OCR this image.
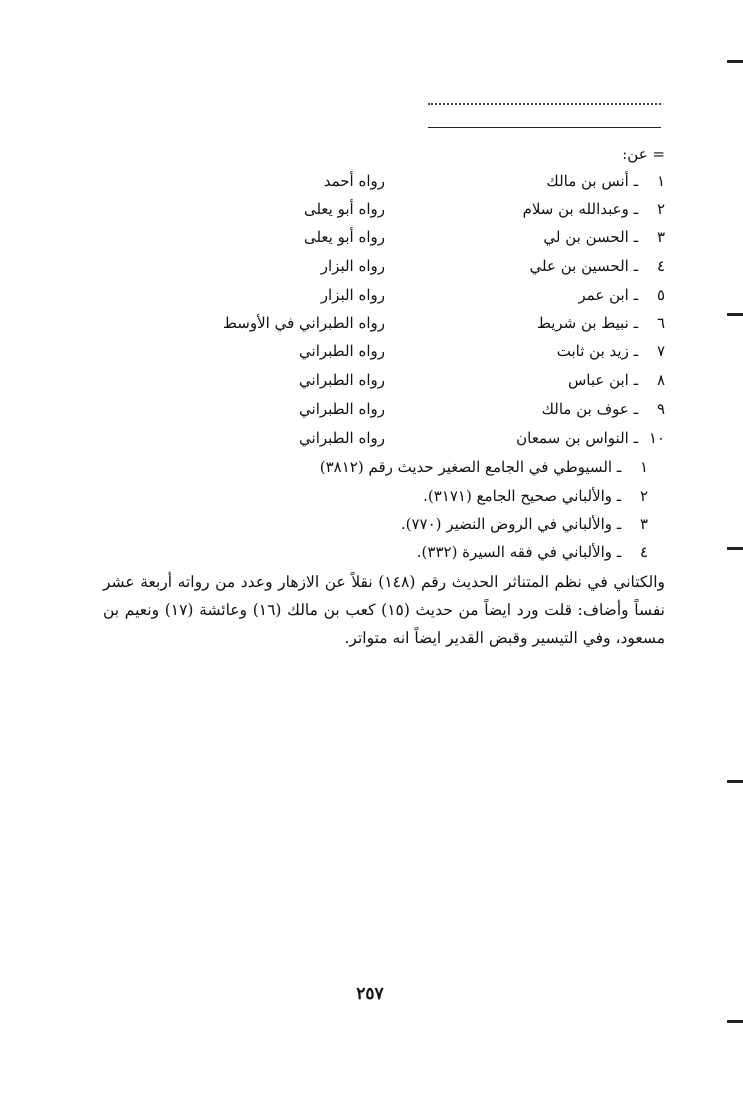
= عن:
١
ـ أنس بن مالك
رواه أحمد
٢
ـ وعبدالله بن سلام
رواه أبو يعلى
٣
ـ الحسن بن لي
رواه أبو يعلى
٤
ـ الحسين بن علي
رواه البزار
٥
ـ ابن عمر
رواه البزار
٦
ـ نبيط بن شريط
رواه الطبراني في الأوسط
٧
ـ زيد بن ثابت
رواه الطبراني
٨
ـ ابن عباس
رواه الطبراني
٩
ـ عوف بن مالك
رواه الطبراني
١٠
ـ النواس بن سمعان
رواه الطبراني
١ ـ السيوطي في الجامع الصغير حديث رقم (٣٨١٢)
٢ ـ والألباني صحيح الجامع (٣١٧١).
٣ ـ والألباني في الروض النضير (٧٧٠).
٤ ـ والألباني في فقه السيرة (٣٣٢).
والكتاني في نظم المتناثر الحديث رقم (١٤٨) نقلاً عن الازهار وعدد من رواته أربعة عشر نفساً وأضاف: قلت ورد ايضاً من حديث (١٥) كعب بن مالك (١٦) وعائشة (١٧) ونعيم بن مسعود، وفي التيسير وقبض القدير ايضاً انه متواتر.
٢٥٧
